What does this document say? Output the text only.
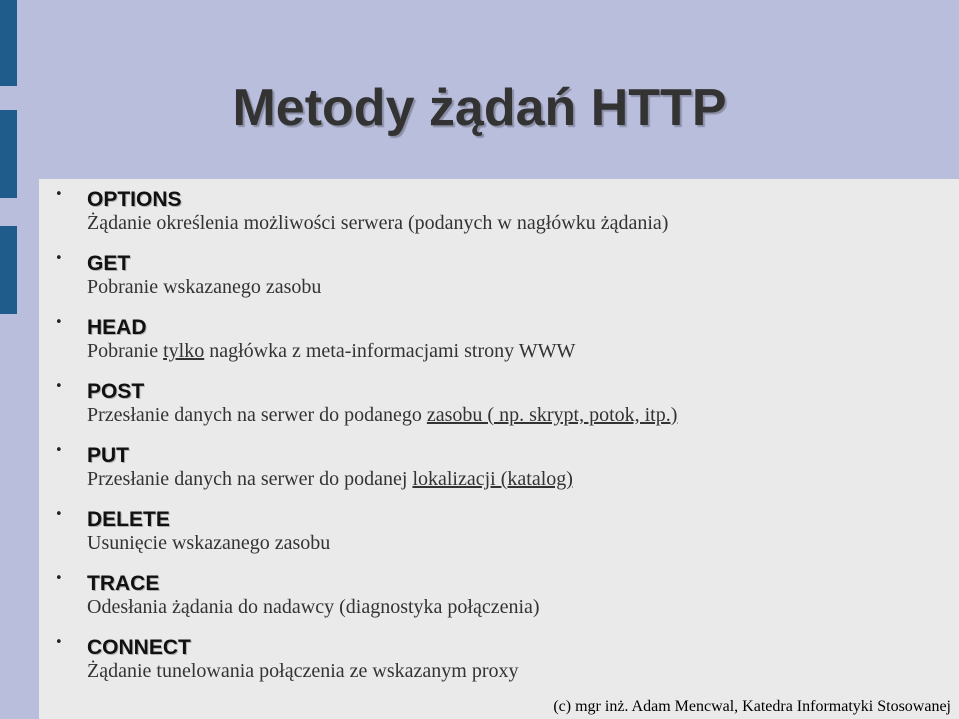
Metody żądań HTTP
• OPTIONS
Żądanie określenia możliwości serwera (podanych w nagłówku żądania)
• GET
Pobranie wskazanego zasobu
• HEAD
Pobranie tylko nagłówka z meta-informacjami strony WWW
• POST
Przesłanie danych na serwer do podanego zasobu ( np. skrypt, potok, itp.)
• PUT
Przesłanie danych na serwer do podanej lokalizacji (katalog)
• DELETE
Usunięcie wskazanego zasobu
• TRACE
Odesłania żądania do nadawcy (diagnostyka połączenia)
• CONNECT
Żądanie tunelowania połączenia ze wskazanym proxy
(c) mgr inż. Adam Mencwal, Katedra Informatyki Stosowanej
